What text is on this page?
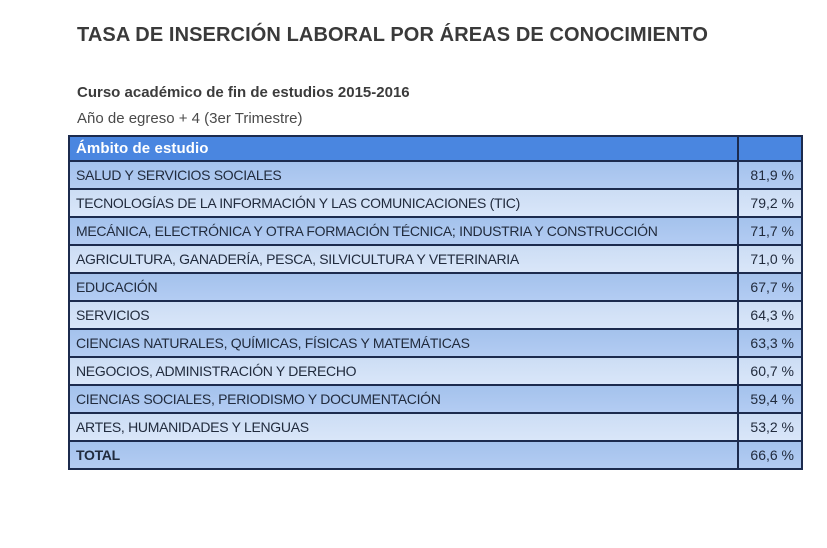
TASA DE INSERCIÓN LABORAL POR ÁREAS DE CONOCIMIENTO
Curso académico de fin de estudios 2015-2016
Año de egreso + 4 (3er Trimestre)
Ámbito de estudio	
SALUD Y SERVICIOS SOCIALES	81,9 %
TECNOLOGÍAS DE LA INFORMACIÓN Y LAS COMUNICACIONES (TIC)	79,2 %
MECÁNICA, ELECTRÓNICA Y OTRA FORMACIÓN TÉCNICA; INDUSTRIA Y CONSTRUCCIÓN	71,7 %
AGRICULTURA, GANADERÍA, PESCA, SILVICULTURA Y VETERINARIA	71,0 %
EDUCACIÓN	67,7 %
SERVICIOS	64,3 %
CIENCIAS NATURALES, QUÍMICAS, FÍSICAS Y MATEMÁTICAS	63,3 %
NEGOCIOS, ADMINISTRACIÓN Y DERECHO	60,7 %
CIENCIAS SOCIALES, PERIODISMO Y DOCUMENTACIÓN	59,4 %
ARTES, HUMANIDADES Y LENGUAS	53,2 %
TOTAL	66,6 %
